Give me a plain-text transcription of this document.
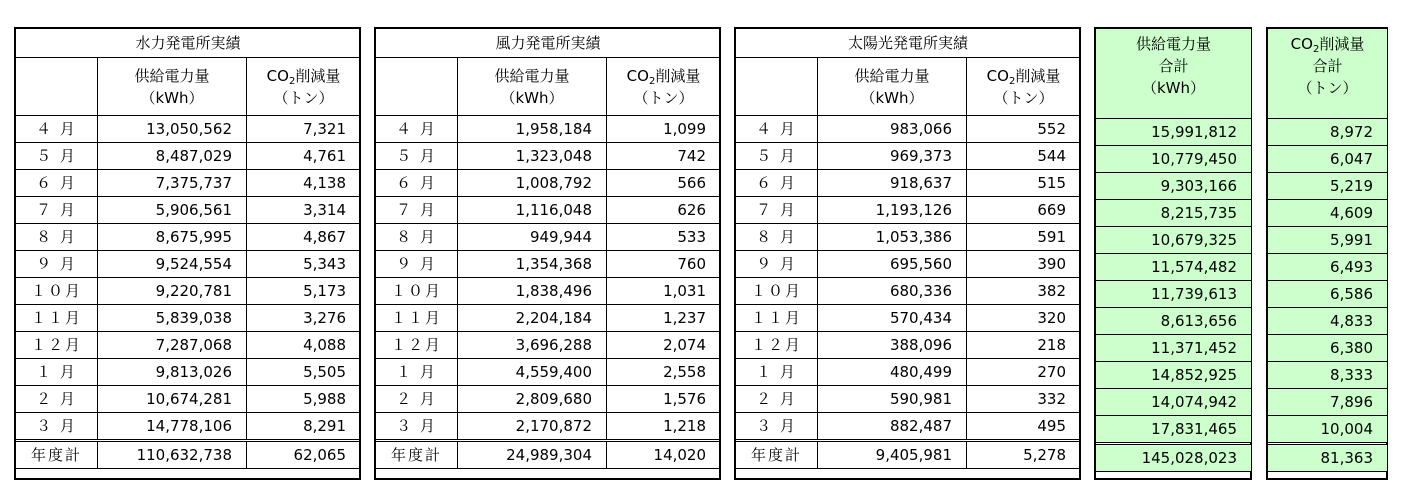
水力発電所実績		
	供給電力量
（kWh）	$CO_2$削減量
（トン）
４ 月	13,050,562	7,321
５ 月	8,487,029	4,761
６ 月	7,375,737	4,138
７ 月	5,906,561	3,314
８ 月	8,675,995	4,867
９ 月	9,524,554	5,343
１０月	9,220,781	5,173
１１月	5,839,038	3,276
１２月	7,287,068	4,088
１ 月	9,813,026	5,505
２ 月	10,674,281	5,988
３ 月	14,778,106	8,291
年度計	110,632,738	62,065
風力発電所実績		
	供給電力量
（kWh）	$CO_2$削減量
（トン）
４ 月	1,958,184	1,099
５ 月	1,323,048	742
６ 月	1,008,792	566
７ 月	1,116,048	626
８ 月	949,944	533
９ 月	1,354,368	760
１０月	1,838,496	1,031
１１月	2,204,184	1,237
１２月	3,696,288	2,074
１ 月	4,559,400	2,558
２ 月	2,809,680	1,576
３ 月	2,170,872	1,218
年度計	24,989,304	14,020
太陽光発電所実績		
	供給電力量
（kWh）	$CO_2$削減量
（トン）
４ 月	983,066	552
５ 月	969,373	544
６ 月	918,637	515
７ 月	1,193,126	669
８ 月	1,053,386	591
９ 月	695,560	390
１０月	680,336	382
１１月	570,434	320
１２月	388,096	218
１ 月	480,499	270
２ 月	590,981	332
３ 月	882,487	495
年度計	9,405,981	5,278
供給電力量
合計
（kWh）
15,991,812
10,779,450
9,303,166
8,215,735
10,679,325
11,574,482
11,739,613
8,613,656
11,371,452
14,852,925
14,074,942
17,831,465
145,028,023
$CO_2$削減量
合計
（トン）
8,972
6,047
5,219
4,609
5,991
6,493
6,586
4,833
6,380
8,333
7,896
10,004
81,363
